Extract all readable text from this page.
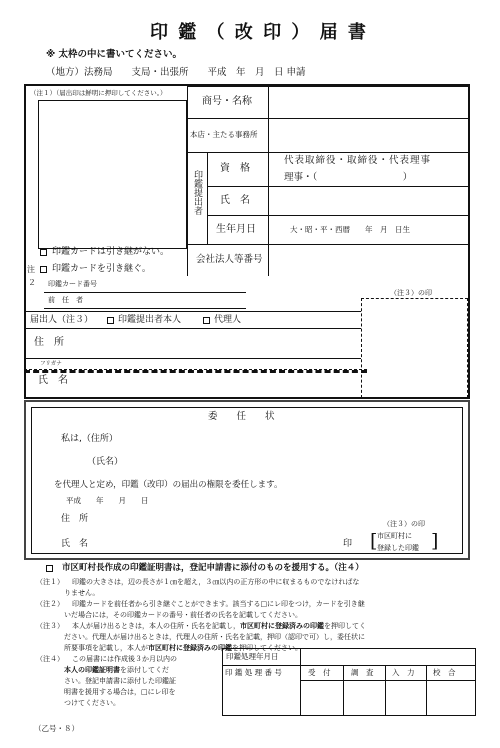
印 鑑 （ 改 印 ） 届 書
※ 太枠の中に書いてください。
（地方）法務局　　支局・出張所　　平成　年　月　日 申請
（注１）（届出印は鮮明に押印してください。）
商号・名称
本店・主たる事務所
印鑑提出者
資　格
代表取締役・取締役・代表理事
理事・（　　　　　　　　　）
氏　名
生年月日	大・昭・平・西暦　　年　月　日生
会社法人等番号
印鑑カードは引き継がない。
注 印鑑カードを引き継ぐ。
２ 印鑑カード番号
前　任　者
（注３）の印
届出人（注３）	印鑑提出者本人	代理人
住　所
フリガナ
氏　名
委　　任　　状
私は,（住所）
（氏名）
を代理人と定め，印鑑（改印）の届出の権限を委任します。
平成　　年　　月　　日
住　所
氏　名	印
（注３）の印
市区町村に
登録した印鑑
[	]
市区町村長作成の印鑑証明書は，登記申請書に添付のものを援用する。（注４）
（注１） 印鑑の大きさは，辺の長さが１㎝を超え，３㎝以内の正方形の中に収まるものでなければな
りません。
（注２） 印鑑カードを前任者から引き継ぐことができます。該当する□にレ印をつけ，カードを引き継
いだ場合には，その印鑑カードの番号・前任者の氏名を記載してください。
（注３） 本人が届け出るときは，本人の住所・氏名を記載し，市区町村に登録済みの印鑑を押印してく
ださい。代理人が届け出るときは，代理人の住所・氏名を記載，押印（認印で可）し，委任状に
所要事項を記載し，本人が市区町村に登録済みの印鑑を押印してください。
（注４） この届書には作成後３か月以内の
本人の印鑑証明書を添付してくだ
さい。登記申請書に添付した印鑑証
明書を援用する場合は，□にレ印を
つけてください。
印鑑処理年月日
印 鑑 処 理 番 号	受　付	調　査 入　力 校　合
（乙号・８）
